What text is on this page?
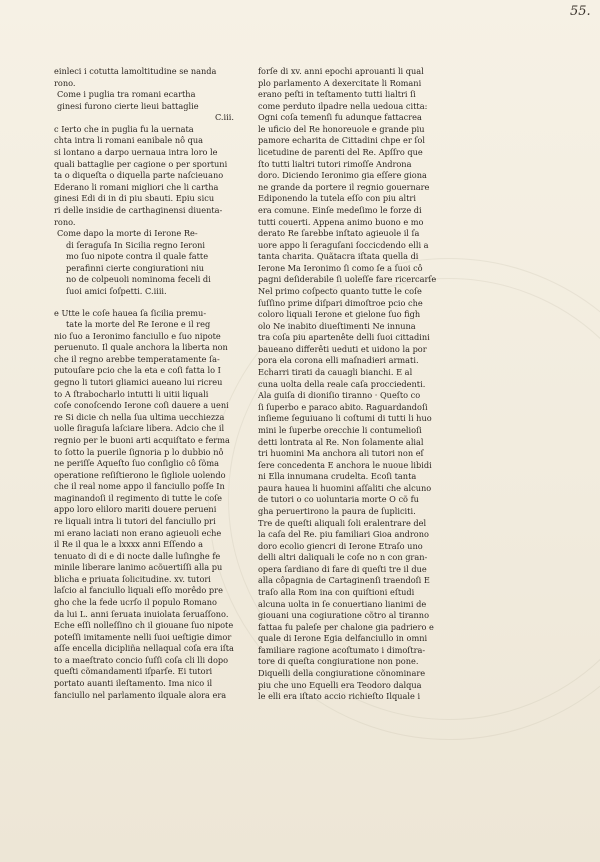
55.
einleci i cotutta lamoltitudine se nanda
rono.
Come i puglia tra romani ecartha
ginesi furono cierte lieui battaglie
C.iii.
c Iertо che in puglia fu la uernata
chta intra li romani eanibale nô qua
si lontano a darpo uernaua intra loro le
quali battaglie per cagione o per sportuni
ta o diqueſta o diquella parte naſcieuano
Ederano li romani migliori che li cartha
ginesi Edi di in di piu sbauti. Epiu sicu
ri delle insidie de carthaginensi diuenta-
rono.
Come dapo la morte di Ierone Re-
di ſeraguſa In Sicilia regno Ieroni
mo ſuo nipote contra il quale fatte
perafinni cierte congiurationi niu
no de colpeuoli nominoma feceli di
ſuoi amici ſoſpetti. C.iiii.
e Utte le coſe haueа ſa ſicilia premu-
tate la morte del Re Ierone e il reg
nio ſuo a Ieronimo fanciullo e ſuo nipote
peruenuto. Il quale anchora la liberta non
che il regno arebbe temperatamente ſa-
putouſare pcio che la eta e coſi fatta lo I
gegno li tutori gliamici aueano lui ricreu
to A ſtrabocharlo intutti li uitii liquali
coſe conoſcendo Ierone coſi dauere a ueni
re Si dicie ch nella ſua ultima uecchiezza
uolle ſiraguſa laſciare libera. Adcio che il
regnio per le buoni arti acquiſtato e ferma
to ſotto la puerile ſignoria p lo dubbio nô
ne periſſe Aqueſto ſuo conſiglio cô ſõma
operatione reſiſtierono le ſigliole uolendo
che il real nome appo il fanciullo poſſe In
maginandoſi il regimento di tutte le coſe
appo loro eliloro mariti douere perueni
re liquali intra li tutori del fanciullo pri
mi erano laciati non erano agieuoli eche
il Re il qua le a lxxxx anni Eſſendo a
tenuato di di e di nocte dalle luſinghe fe
minile liberare lanimo acõuertiſſi alla pu
blicha e priuata ſolicitudine. xv. tutori
laſcio al fanciullo liquali eſſo morêdo pre
gho che la fede ucrſo il populo Romano
da lui L. anni ſeruata inuiolata ſeruaſſono.
Eche eſſi nolleſſino ch il giouane ſuo nipote
poteſſi imitamente nelli ſuoi ueſtigie dimor
aſſe encella dicipliña nellaqual coſa era iſta
to a maeſtrato concio ſuſſi coſa cli lli dopo
queſti cõmandamenti iſparſe. Ei tutori
portato auanti ileſtamento. Ima nico il
fanciullo nel parlamento ilquale alora era
forſe di xv. anni epochi aprouanti li qual
plo parlamento A dexercitate li Romani
erano peſti in teſtamento tutti lialtri ſi
come perduto ilpadre nella uedoua citta:
Ogni coſa temenſi fu adunque fattacrea
le uficio del Re honoreuole e grande piu
pamore echarita de Cittadini chpe er ſol
licetudine de parenti del Re. Apſſro que
ſto tutti lialtri tutori rimoſſe Androna
doro. Diciendo Ieronimo gia eſſere giona
ne grande da portere il regnio gouernare
Ediponendo la tutela eſſo con piu altri
era comune. Einſe medeſimo le forze di
tutti couerti. Appena animo buono e mo
derato Re ſarebbe inſtato agieuole il ſa
uore appo li ſeraguſani ſoccicdendo elli a
tanta charita. Quãtacra iſtata quella di
Ierone Ma Ieronimo ſi como ſe a ſuoi cô
pagni deſiderabile ſi uoleſſe fare ricercarſe
Nel primo coſpecto quanto tutte le coſe
ſuſſino prime diſpari dimoſtroe pcio che
coloro liquali Ierone et gielone ſuo figh
olo Ne inabito diueſtimenti Ne innuna
tra coſa piu apartenête delli ſuoi cittadini
baueano differêti ueduti et uidono la por
pora ela corona elli maſnadieri armati.
Echarri tirati da cauagli bianchi. E al
cuna uolta della reale caſa procciedenti.
Ala guiſa di dioniſio tiranno · Queſto co
ſi ſuperbo e paraco abito. Raguardandoſi
inſieme ſeguiuano li coſtumi di tutti li huo
mini le ſuperbe orecchie li contumelioſi
detti lontrata al Re. Non ſolamente alial
tri huomini Ma anchora ali tutori non eſ
ſere concedenta E anchora le nuoue libidi
ni Ella innumana crudelta. Ecoſi tanta
paura haueа li huomini aſſaliti che alcuno
de tutori o co uoluntaria morte O cõ fu
gha peruertirono la paura de ſupliciti.
Tre de queſti aliquali ſoli eralentrare del
la caſa del Re. piu familiari Gioa androno
doro ecolio giencri di Ierone Etraſo uno
delli altri daliquali le coſe no n con gran-
opera ſardiano di fare di queſti tre il due
alla côpagnia de Cartaginenſi traendoſi E
traſo alla Rom ina con quiſtioni eſtudi
alcuna uolta in ſe conuertiano lianimi de
giouani una cogiuratione cõtro al tiranno
fattaa fu paleſe per chalone gia padriero e
quale di Ierone Egia delfanciullo in omni
familiare ragione acoſtumato i dimoſtra-
tore di queſta congiuratione non pone.
Diquelli della congiuratione cõnominare
piu che uno Equelli era Teodoro dalqua
le elli era iſtato accio richieſto Ilquale i
